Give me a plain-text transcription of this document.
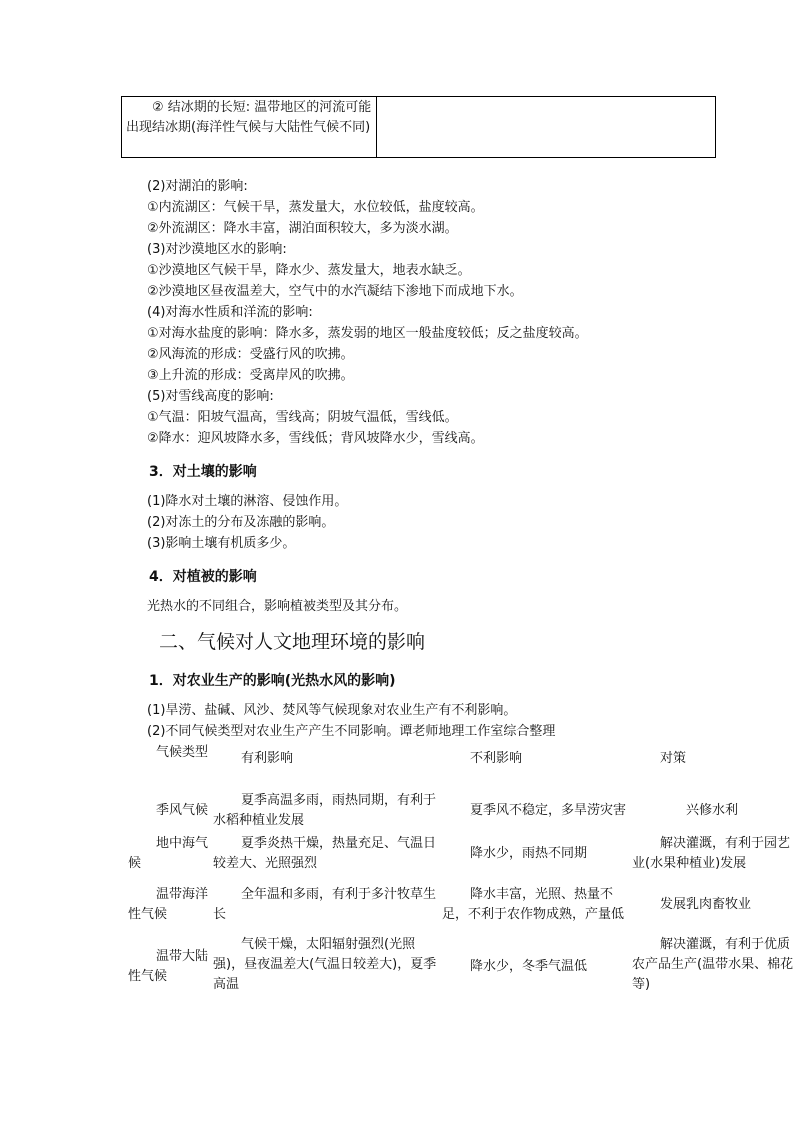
② 结冰期的长短: 温带地区的河流可能出现结冰期(海洋性气候与大陆性气候不同)	

(2)对湖泊的影响:

①内流湖区：气候干旱，蒸发量大，水位较低，盐度较高。

②外流湖区：降水丰富，湖泊面积较大，多为淡水湖。

(3)对沙漠地区水的影响:

①沙漠地区气候干旱，降水少、蒸发量大，地表水缺乏。

②沙漠地区昼夜温差大，空气中的水汽凝结下渗地下而成地下水。

(4)对海水性质和洋流的影响:

①对海水盐度的影响：降水多，蒸发弱的地区一般盐度较低；反之盐度较高。

②风海流的形成：受盛行风的吹拂。

③上升流的形成：受离岸风的吹拂。

(5)对雪线高度的影响:

①气温：阳坡气温高，雪线高；阴坡气温低，雪线低。

②降水：迎风坡降水多，雪线低；背风坡降水少，雪线高。

3．对土壤的影响

(1)降水对土壤的淋溶、侵蚀作用。

(2)对冻土的分布及冻融的影响。

(3)影响土壤有机质多少。

4．对植被的影响

光热水的不同组合，影响植被类型及其分布。

二、气候对人文地理环境的影响
1．对农业生产的影响(光热水风的影响)

(1)旱涝、盐碱、风沙、焚风等气候现象对农业生产有不利影响。

(2)不同气候类型对农业生产产生不同影响。谭老师地理工作室综合整理

气候类型	有利影响	不利影响	对策
季风气候	夏季高温多雨，雨热同期，有利于水稻种植业发展	夏季风不稳定，多旱涝灾害	兴修水利
地中海气候	夏季炎热干燥，热量充足、气温日较差大、光照强烈	降水少，雨热不同期	解决灌溉，有利于园艺业(水果种植业)发展
温带海洋性气候	全年温和多雨，有利于多汁牧草生长	降水丰富，光照、热量不足，不利于农作物成熟，产量低	发展乳肉畜牧业
温带大陆性气候	气候干燥，太阳辐射强烈(光照强)，昼夜温差大(气温日较差大)，夏季高温	降水少，冬季气温低	解决灌溉，有利于优质农产品生产(温带水果、棉花等)
